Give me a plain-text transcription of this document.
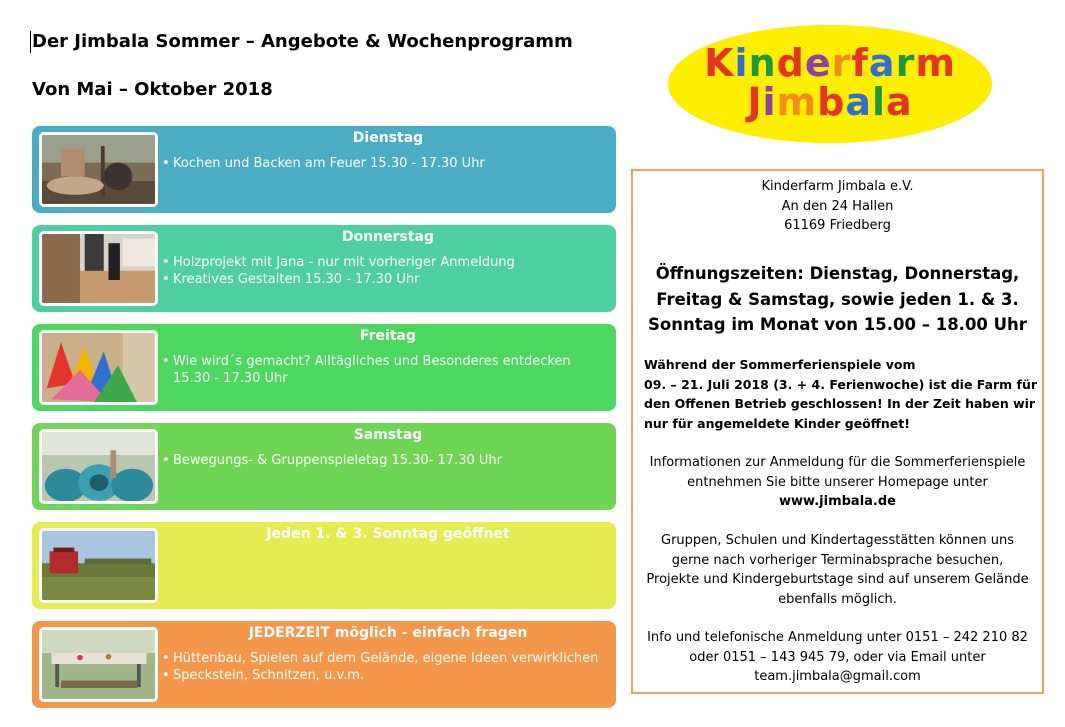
Der Jimbala Sommer – Angebote & Wochenprogramm
Von Mai – Oktober 2018
Dienstag
• Kochen und Backen am Feuer 15.30 - 17.30 Uhr
Donnerstag
• Holzprojekt mit Jana - nur mit vorheriger Anmeldung
• Kreatives Gestalten 15.30 - 17.30 Uhr
Freitag
• Wie wird´s gemacht? Alltägliches und Besonderes entdecken 15.30 - 17.30 Uhr
Samstag
• Bewegungs- & Gruppenspieletag 15.30- 17.30 Uhr
Jeden 1. & 3. Sonntag geöffnet
JEDERZEIT möglich - einfach fragen
• Hüttenbau, Spielen auf dem Gelände, eigene Ideen verwirklichen
• Speckstein, Schnitzen, u.v.m.
Kinderfarm
Jimbala
Kinderfarm Jimbala e.V.
An den 24 Hallen
61169 Friedberg
Öffnungszeiten: Dienstag, Donnerstag,
Freitag & Samstag, sowie jeden 1. & 3.
Sonntag im Monat von 15.00 – 18.00 Uhr
Während der Sommerferienspiele vom
09. – 21. Juli 2018 (3. + 4. Ferienwoche) ist die Farm für
den Offenen Betrieb geschlossen! In der Zeit haben wir
nur für angemeldete Kinder geöffnet!
Informationen zur Anmeldung für die Sommerferienspiele
entnehmen Sie bitte unserer Homepage unter
www.jimbala.de
Gruppen, Schulen und Kindertagesstätten können uns
gerne nach vorheriger Terminabsprache besuchen,
Projekte und Kindergeburtstage sind auf unserem Gelände
ebenfalls möglich.
Info und telefonische Anmeldung unter 0151 – 242 210 82
oder 0151 – 143 945 79, oder via Email unter
team.jimbala@gmail.com
